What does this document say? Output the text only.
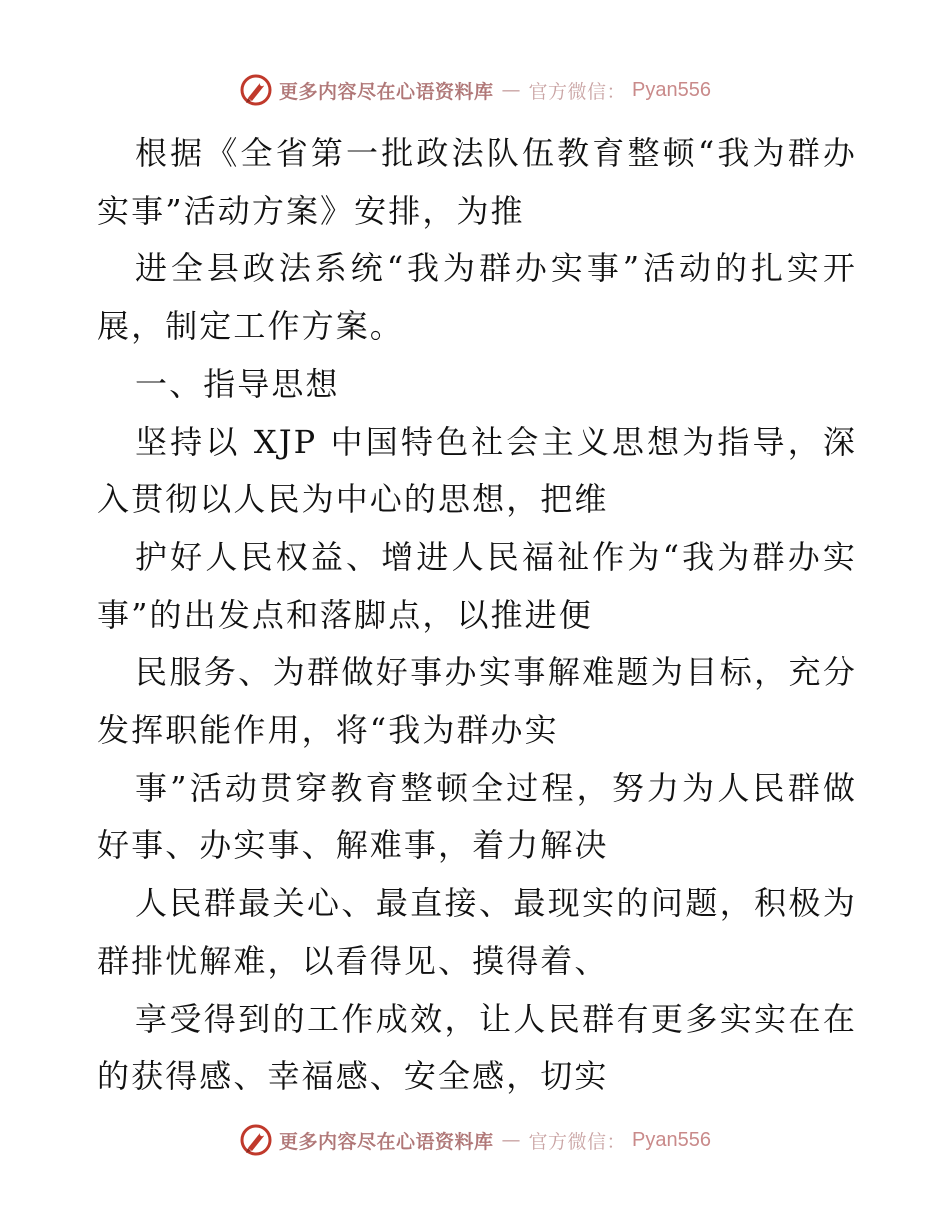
更多内容尽在心语资料库 — 官方微信： Pyan556

根据《全省第一批政法队伍教育整顿“我为群办实事”活动方案》安排，为推

进全县政法系统“我为群办实事”活动的扎实开展，制定工作方案。

一、指导思想

坚持以 XJP 中国特色社会主义思想为指导，深入贯彻以人民为中心的思想，把维

护好人民权益、增进人民福祉作为“我为群办实事”的出发点和落脚点，以推进便

民服务、为群做好事办实事解难题为目标，充分发挥职能作用，将“我为群办实

事”活动贯穿教育整顿全过程，努力为人民群做好事、办实事、解难事，着力解决

人民群最关心、最直接、最现实的问题，积极为群排忧解难，以看得见、摸得着、

享受得到的工作成效，让人民群有更多实实在在的获得感、幸福感、安全感，切实

更多内容尽在心语资料库 — 官方微信： Pyan556
